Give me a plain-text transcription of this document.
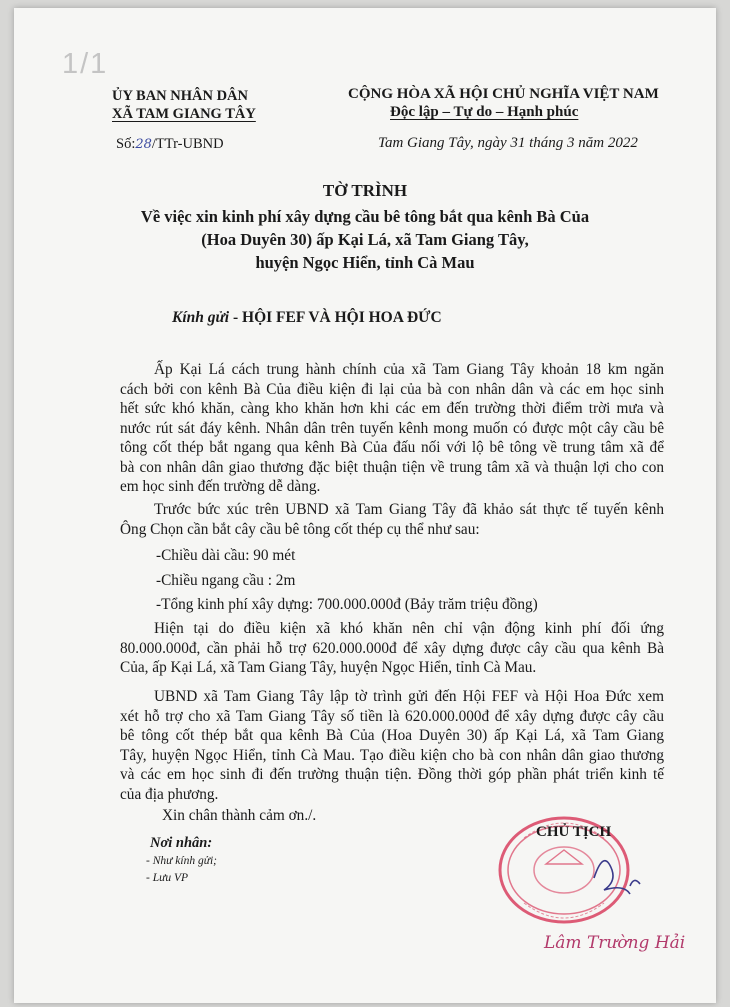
1/1
ỦY BAN NHÂN DÂN
XÃ TAM GIANG TÂY
Số:28/TTr-UBND
CỘNG HÒA XÃ HỘI CHỦ NGHĨA VIỆT NAM
Độc lập – Tự do – Hạnh phúc
Tam Giang Tây, ngày 31 tháng 3 năm 2022
TỜ TRÌNH
Về việc xin kinh phí xây dựng cầu bê tông bắt qua kênh Bà Của
(Hoa Duyên 30) ấp Kại Lá, xã Tam Giang Tây,
huyện Ngọc Hiển, tỉnh Cà Mau
Kính gửi - HỘI FEF VÀ HỘI HOA ĐỨC
Ấp Kại Lá cách trung hành chính của xã Tam Giang Tây khoản 18 km ngăn
cách bởi con kênh Bà Của điều kiện đi lại của bà con nhân dân và các em học sinh
hết sức khó khăn, càng kho khăn hơn khi các em đến trường thời điểm trời mưa và
nước rút sát đáy kênh. Nhân dân trên tuyến kênh mong muốn có được một cây cầu bê
tông cốt thép bắt ngang qua kênh Bà Của đấu nối với lộ bê tông về trung tâm xã để
bà con nhân dân giao thương đặc biệt thuận tiện về trung tâm xã và thuận lợi cho con
em học sinh đến trường dễ dàng.
Trước bức xúc trên UBND xã Tam Giang Tây đã khảo sát thực tế tuyến kênh
Ông Chọn cần bắt cây cầu bê tông cốt thép cụ thể như sau:
-Chiều dài cầu: 90 mét
-Chiều ngang cầu : 2m
-Tổng kinh phí xây dựng: 700.000.000đ (Bảy trăm triệu đồng)
Hiện tại do điều kiện xã khó khăn nên chỉ vận động kinh phí đối ứng
80.000.000đ, cần phải hỗ trợ 620.000.000đ để xây dựng được cây cầu qua kênh Bà
Của, ấp Kại Lá, xã Tam Giang Tây, huyện Ngọc Hiển, tỉnh Cà Mau.
UBND xã Tam Giang Tây lập tờ trình gửi đến Hội FEF và Hội Hoa Đức xem
xét hỗ trợ cho xã Tam Giang Tây số tiền là 620.000.000đ để xây dựng được cây cầu
bê tông cốt thép bắt qua kênh Bà Của (Hoa Duyên 30) ấp Kại Lá, xã Tam Giang
Tây, huyện Ngọc Hiển, tỉnh Cà Mau. Tạo điều kiện cho bà con nhân dân giao thương
và các em học sinh đi đến trường thuận tiện. Đồng thời góp phần phát triển kinh tế
của địa phương.
Xin chân thành cảm ơn./.
Nơi nhân:
- Như kính gửi;
- Lưu VP
CHỦ TỊCH
Lâm Trường Hải
